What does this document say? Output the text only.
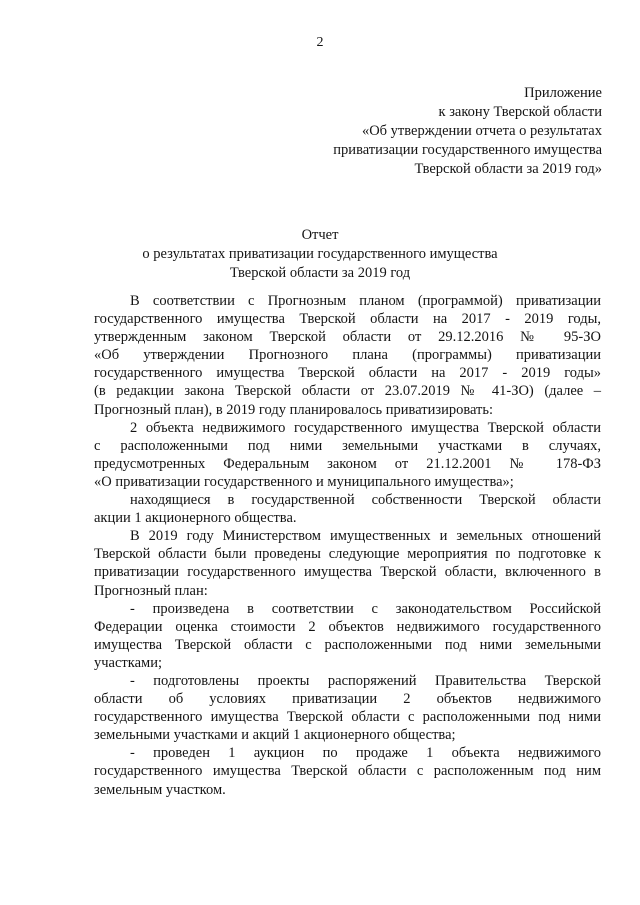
2
Приложение
к закону Тверской области
«Об утверждении отчета о результатах
приватизации государственного имущества
Тверской области за 2019 год»
Отчет
о результатах приватизации государственного имущества
Тверской области за 2019 год

В соответствии с Прогнозным планом (программой) приватизации
государственного имущества Тверской области на 2017 - 2019 годы,
утвержденным законом Тверской области от 29.12.2016 № 95-ЗО
«Об утверждении Прогнозного плана (программы) приватизации
государственного имущества Тверской области на 2017 - 2019 годы»
(в редакции закона Тверской области от 23.07.2019 № 41-ЗО) (далее –
Прогнозный план), в 2019 году планировалось приватизировать:

2 объекта недвижимого государственного имущества Тверской области
с расположенными под ними земельными участками в случаях,
предусмотренных Федеральным законом от 21.12.2001 № 178-ФЗ
«О приватизации государственного и муниципального имущества»;

находящиеся в государственной собственности Тверской области
акции 1 акционерного общества.

В 2019 году Министерством имущественных и земельных отношений
Тверской области были проведены следующие мероприятия по подготовке к
приватизации государственного имущества Тверской области, включенного в
Прогнозный план:

- произведена в соответствии с законодательством Российской
Федерации оценка стоимости 2 объектов недвижимого государственного
имущества Тверской области с расположенными под ними земельными
участками;

- подготовлены проекты распоряжений Правительства Тверской
области об условиях приватизации 2 объектов недвижимого
государственного имущества Тверской области с расположенными под ними
земельными участками и акций 1 акционерного общества;

- проведен 1 аукцион по продаже 1 объекта недвижимого
государственного имущества Тверской области с расположенным под ним
земельным участком.
